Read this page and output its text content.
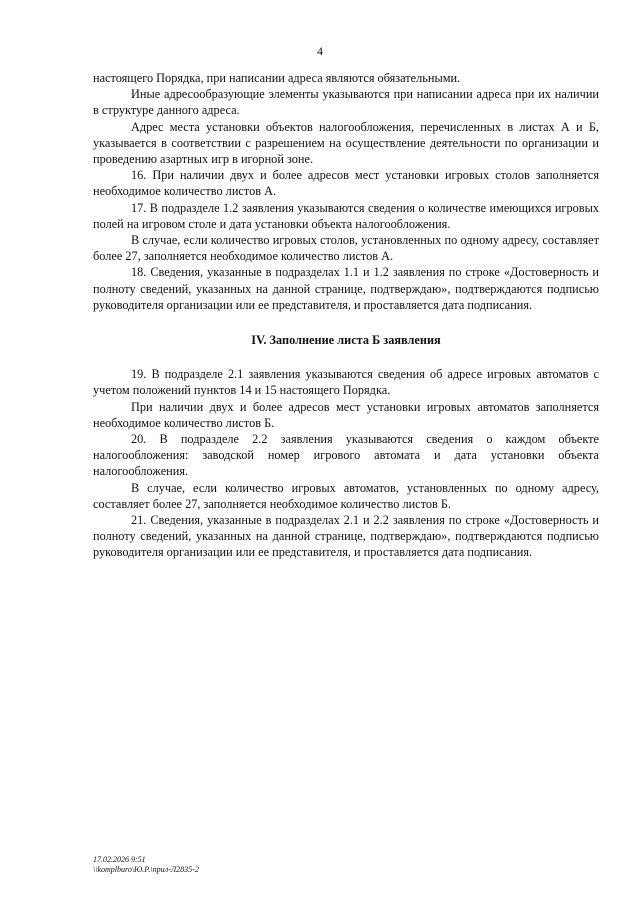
4

настоящего Порядка, при написании адреса являются обязательными.

Иные адресообразующие элементы указываются при написании адреса при их наличии в структуре данного адреса.

Адрес места установки объектов налогообложения, перечисленных в листах А и Б, указывается в соответствии с разрешением на осуществление деятельности по организации и проведению азартных игр в игорной зоне.

16. При наличии двух и более адресов мест установки игровых столов заполняется необходимое количество листов А.

17. В подразделе 1.2 заявления указываются сведения о количестве имеющихся игровых полей на игровом столе и дата установки объекта налогообложения.

В случае, если количество игровых столов, установленных по одному адресу, составляет более 27, заполняется необходимое количество листов А.

18. Сведения, указанные в подразделах 1.1 и 1.2 заявления по строке «Достоверность и полноту сведений, указанных на данной странице, подтверждаю», подтверждаются подписью руководителя организации или ее представителя, и проставляется дата подписания.

IV. Заполнение листа Б заявления

19. В подразделе 2.1 заявления указываются сведения об адресе игровых автоматов с учетом положений пунктов 14 и 15 настоящего Порядка.

При наличии двух и более адресов мест установки игровых автоматов заполняется необходимое количество листов Б.

20. В подразделе 2.2 заявления указываются сведения о каждом объекте налогообложения: заводской номер игрового автомата и дата установки объекта налогообложения.

В случае, если количество игровых автоматов, установленных по одному адресу, составляет более 27, заполняется необходимое количество листов Б.

21. Сведения, указанные в подразделах 2.1 и 2.2 заявления по строке «Достоверность и полноту сведений, указанных на данной странице, подтверждаю», подтверждаются подписью руководителя организации или ее представителя, и проставляется дата подписания.

17.02.2026 9:51
\\komplburo\Ю.Р.\прил-Л2835-2
